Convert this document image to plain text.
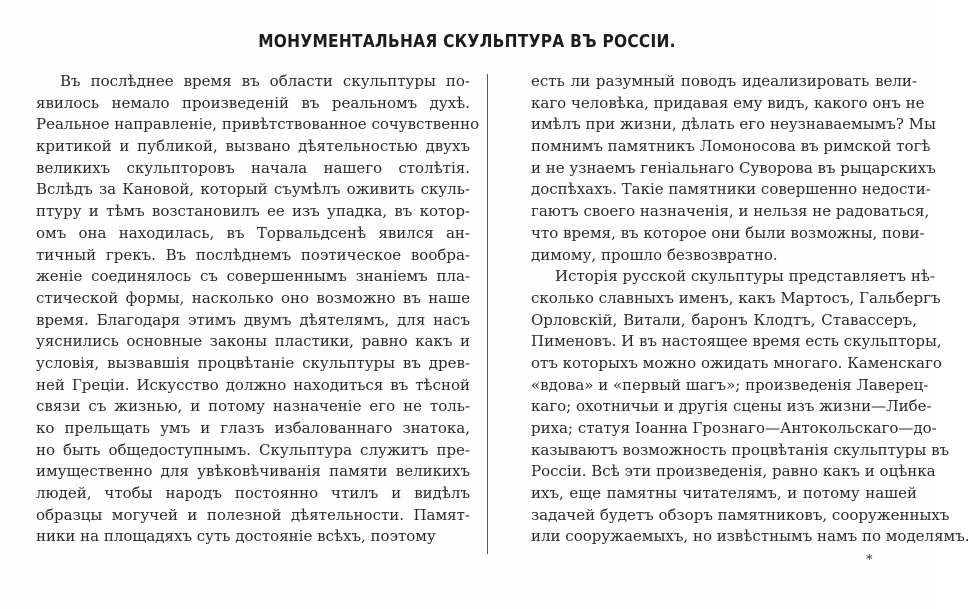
МОНУМЕНТАЛЬНАЯ СКУЛЬПТУРА ВЪ РОССІИ.
Въ послѣднее время въ области скульптуры по-
явилось немало произведеній въ реальномъ духѣ.
Реальное направленіе, привѣтствованное сочувственно
критикой и публикой, вызвано дѣятельностью двухъ
великихъ скульпторовъ начала нашего столѣтія.
Вслѣдъ за Кановой, который съумѣлъ оживить скуль-
птуру и тѣмъ возстановилъ ее изъ упадка, въ котор-
омъ она находилась, въ Торвальдсенѣ явился ан-
тичный грекъ. Въ послѣднемъ поэтическое вообра-
женіе соединялось съ совершеннымъ знаніемъ пла-
стической формы, насколько оно возможно въ наше
время. Благодаря этимъ двумъ дѣятелямъ, для насъ
уяснились основные законы пластики, равно какъ и
условія, вызвавшія процвѣтаніе скульптуры въ древ-
ней Греціи. Искусство должно находиться въ тѣсной
связи съ жизнью, и потому назначеніе его не толь-
ко прельщать умъ и глазъ избалованнаго знатока,
но быть общедоступнымъ. Скульптура служитъ пре-
имущественно для увѣковѣчиванія памяти великихъ
людей, чтобы народъ постоянно чтилъ и видѣлъ
образцы могучей и полезной дѣятельности. Памят-
ники на площадяхъ суть достояніе всѣхъ, поэтому
есть ли разумный поводъ идеализировать вели-
каго человѣка, придавая ему видъ, какого онъ не
имѣлъ при жизни, дѣлать его неузнаваемымъ? Мы
помнимъ памятникъ Ломоносова въ римской тогѣ
и не узнаемъ геніальнаго Суворова въ рыцарскихъ
доспѣхахъ. Такіе памятники совершенно недости-
гаютъ своего назначенія, и нельзя не радоваться,
что время, въ которое они были возможны, пови-
димому, прошло безвозвратно.
Исторія русской скульптуры представляетъ нѣ-
сколько славныхъ именъ, какъ Мартосъ, Гальбергъ
Орловскій, Витали, баронъ Клодтъ, Ставассеръ,
Пименовъ. И въ настоящее время есть скульпторы,
отъ которыхъ можно ожидать многаго. Каменскаго
«вдова» и «первый шагъ»; произведенія Лаверец-
каго; охотничьи и другія сцены изъ жизни—Либе-
риха; статуя Іоанна Грознаго—Антокольскаго—до-
казываютъ возможность процвѣтанія скульптуры въ
Россіи. Всѣ эти произведенія, равно какъ и оцѣнка
ихъ, еще памятны читателямъ, и потому нашей
задачей будетъ обзоръ памятниковъ, сооруженныхъ
или сооружаемыхъ, но извѣстнымъ намъ по моделямъ.
*
